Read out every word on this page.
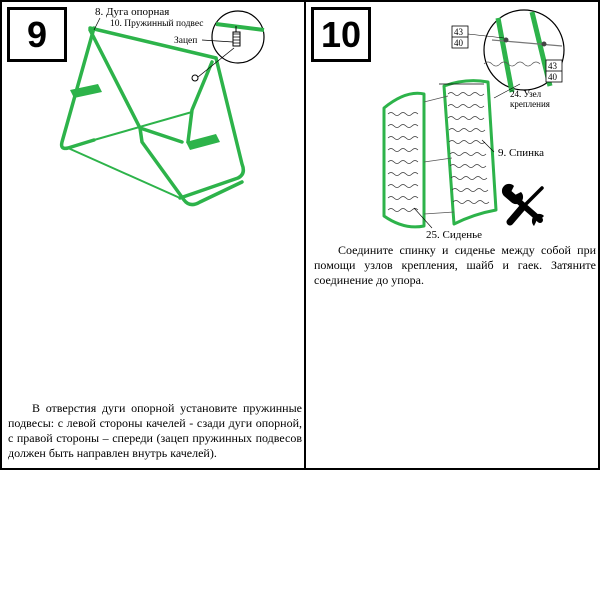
9
8. Дуга опорная
10. Пружинный подвес
Зацеп
В отверстия дуги опорной установите пружинные подвесы: с левой стороны качелей - сзади дуги опорной, с правой стороны – спереди (зацеп пружинных подвесов должен быть направлен внутрь качелей).
10	43
40
43
40
24. Узел
крепления
9. Спинка
25. Сиденье
Соедините спинку и сиденье между собой при помощи узлов крепления, шайб и гаек. Затяните соединение до упора.
